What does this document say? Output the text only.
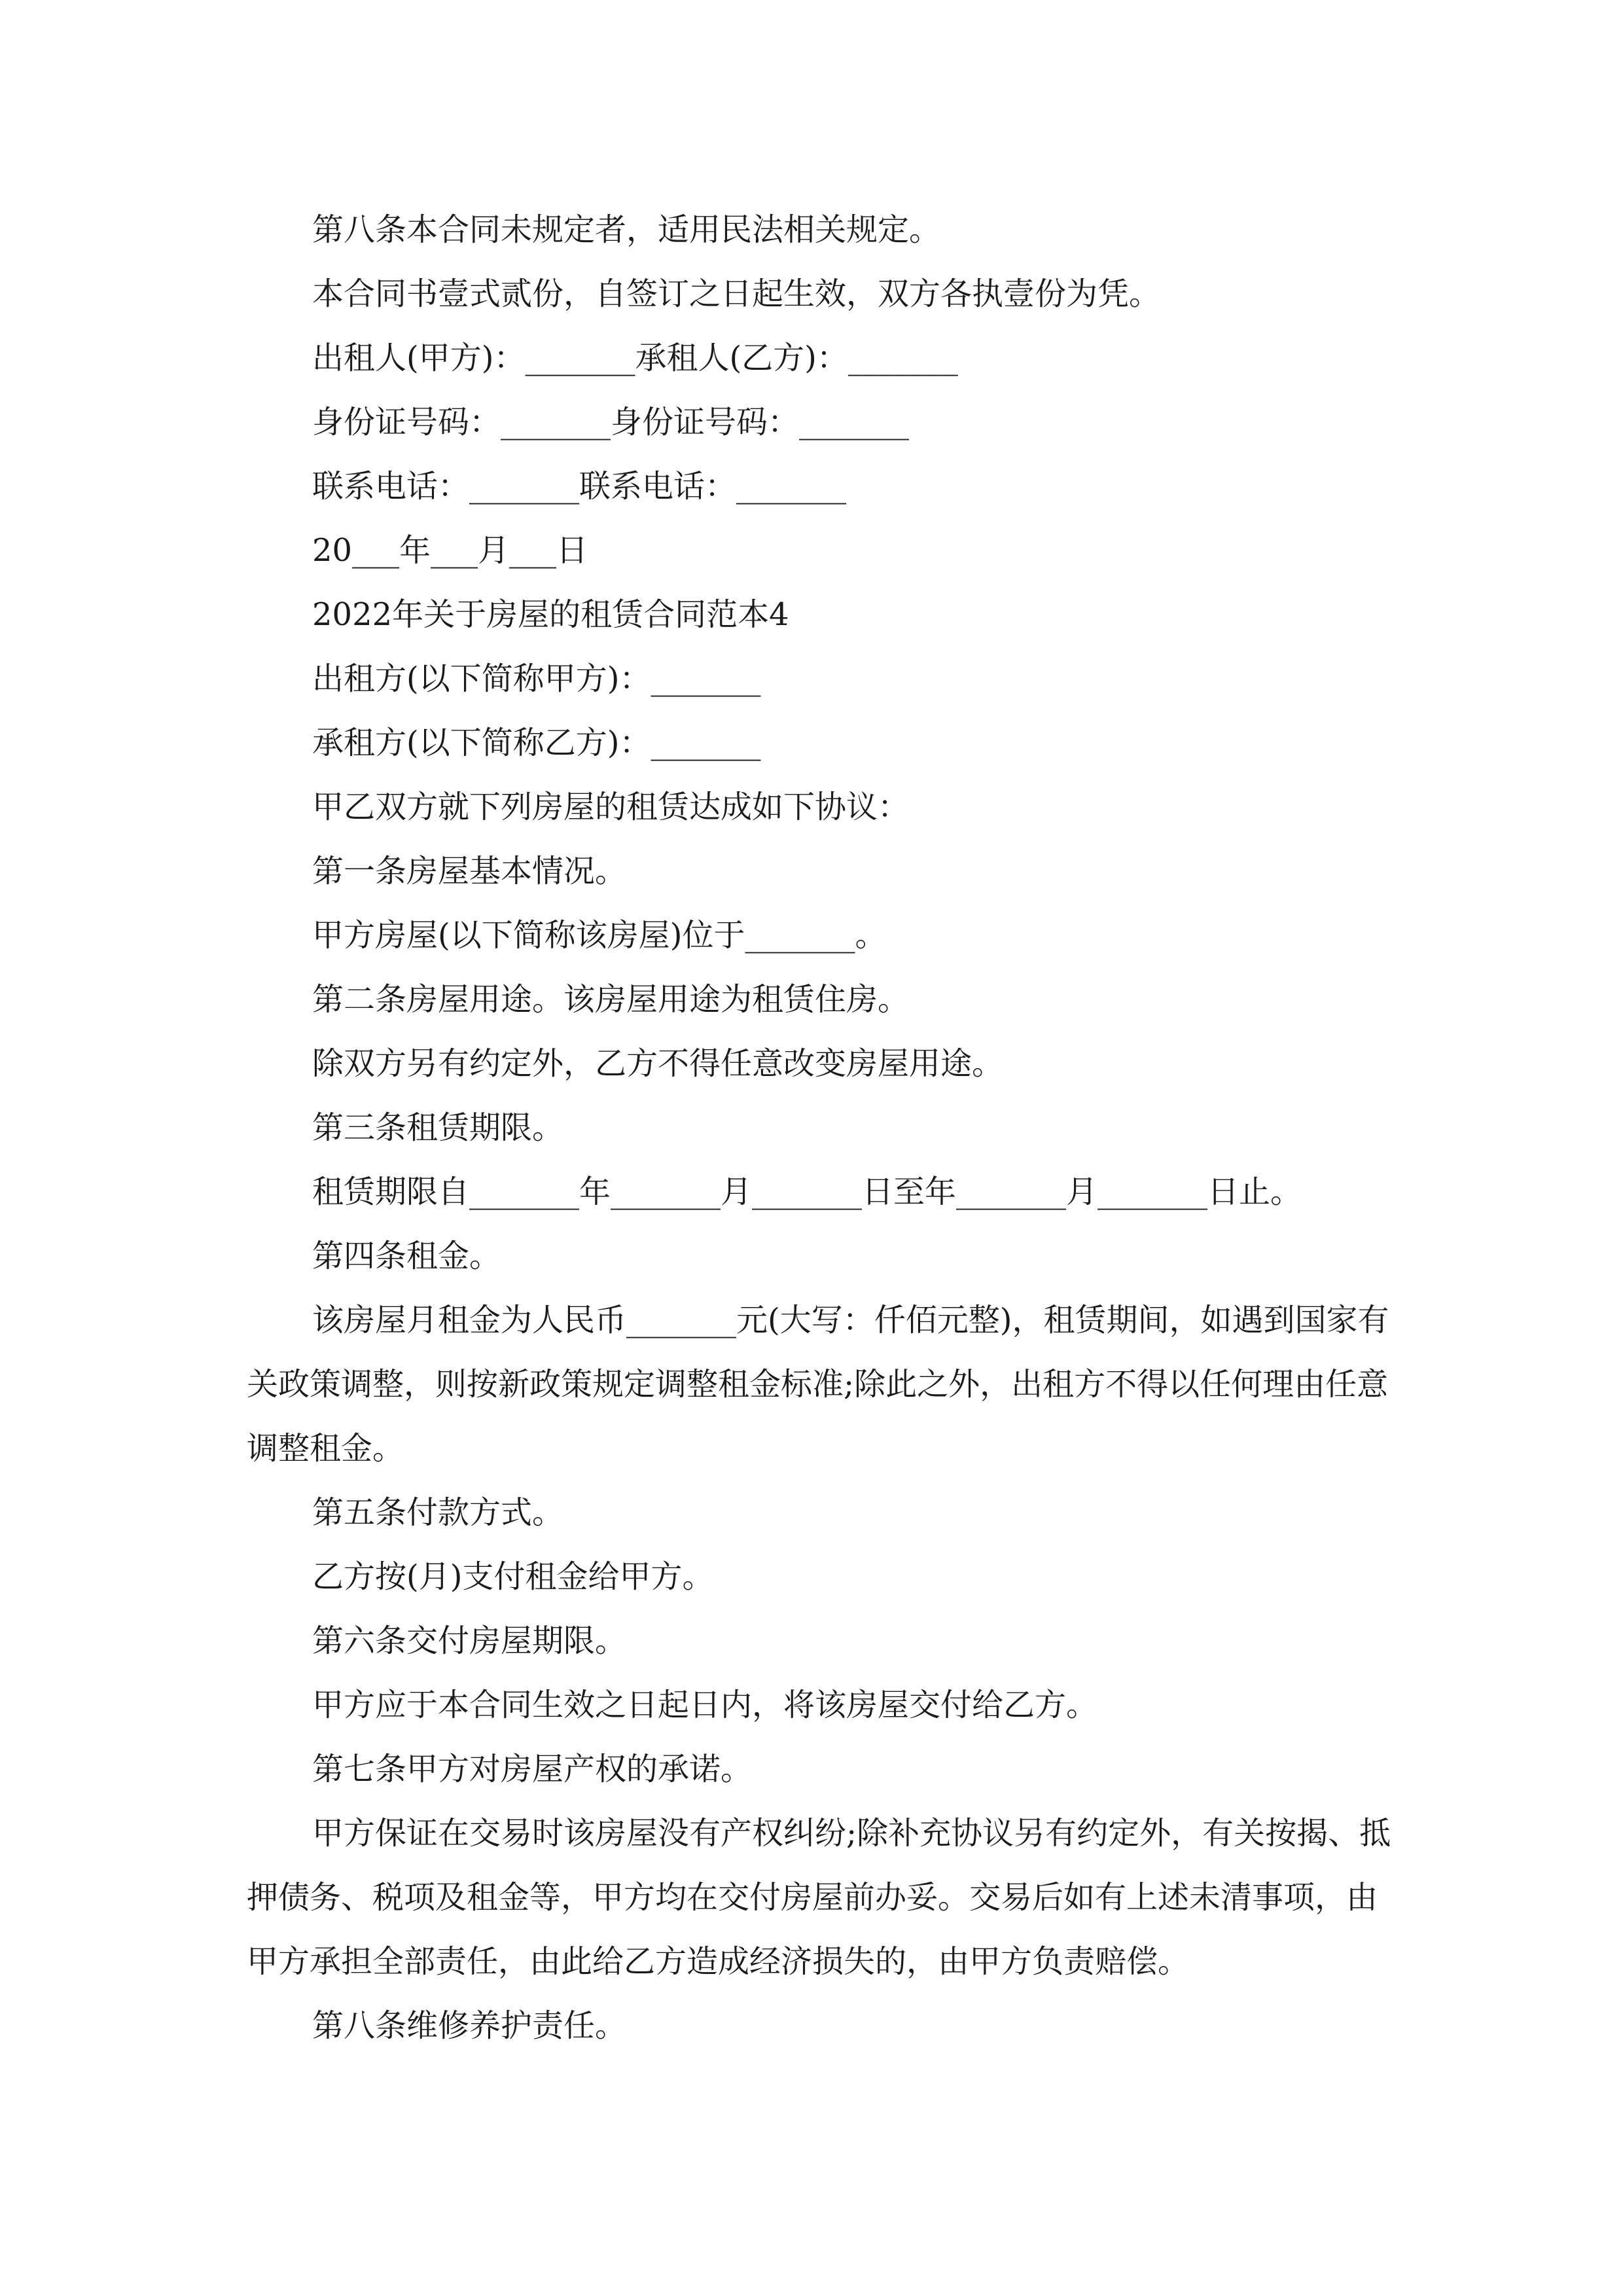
第八条本合同未规定者，适用民法相关规定。
本合同书壹式贰份，自签订之日起生效，双方各执壹份为凭。
出租人(甲方)：_______承租人(乙方)：_______
身份证号码：_______身份证号码：_______
联系电话：_______联系电话：_______
20___年___月___日
2022年关于房屋的租赁合同范本4
出租方(以下简称甲方)：_______
承租方(以下简称乙方)：_______
甲乙双方就下列房屋的租赁达成如下协议：
第一条房屋基本情况。
甲方房屋(以下简称该房屋)位于_______。
第二条房屋用途。该房屋用途为租赁住房。
除双方另有约定外，乙方不得任意改变房屋用途。
第三条租赁期限。
租赁期限自_______年_______月_______日至年_______月_______日止。
第四条租金。

该房屋月租金为人民币_______元(大写：仟佰元整)，租赁期间，如遇到国家有关政策调整，则按新政策规定调整租金标准;除此之外，出租方不得以任何理由任意调整租金。

第五条付款方式。
乙方按(月)支付租金给甲方。
第六条交付房屋期限。
甲方应于本合同生效之日起日内，将该房屋交付给乙方。
第七条甲方对房屋产权的承诺。

甲方保证在交易时该房屋没有产权纠纷;除补充协议另有约定外，有关按揭、抵押债务、税项及租金等，甲方均在交付房屋前办妥。交易后如有上述未清事项，由甲方承担全部责任，由此给乙方造成经济损失的，由甲方负责赔偿。

第八条维修养护责任。
